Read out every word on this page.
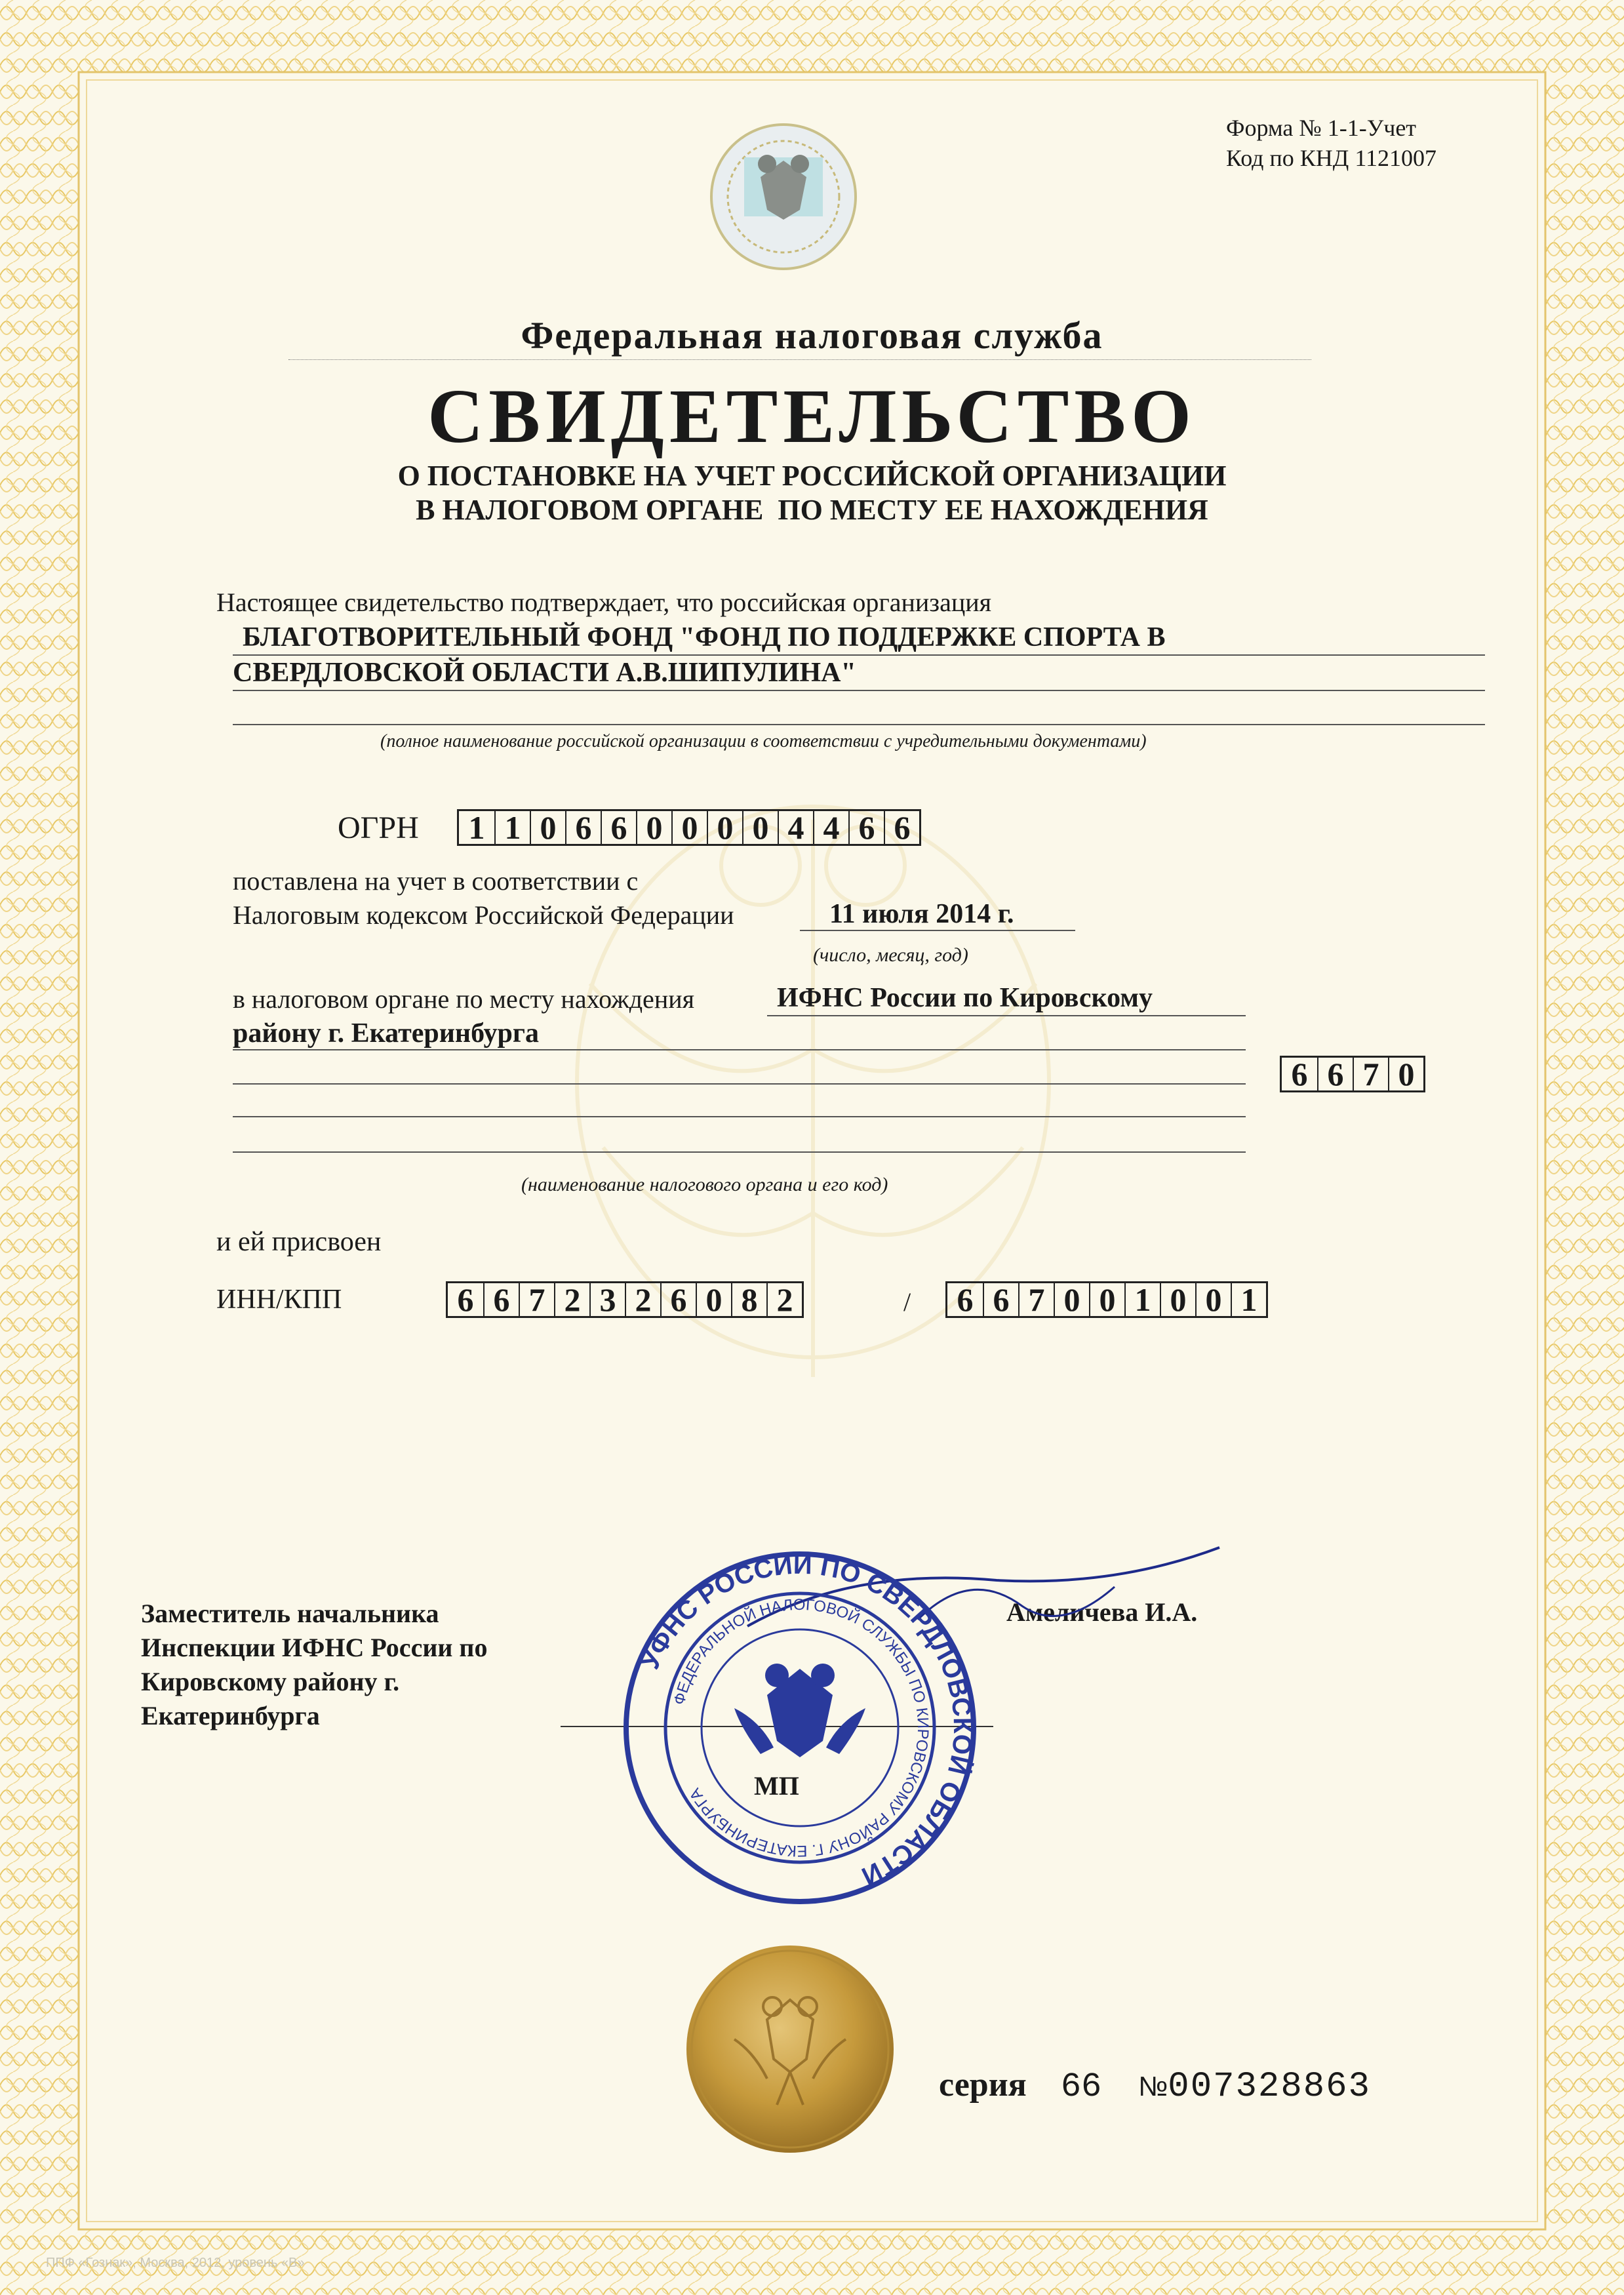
Форма № 1-1-Учет
Код по КНД 1121007
Федеральная налоговая служба
СВИДЕТЕЛЬСТВО
О ПОСТАНОВКЕ НА УЧЕТ РОССИЙСКОЙ ОРГАНИЗАЦИИ
В НАЛОГОВОМ ОРГАНЕ  ПО МЕСТУ ЕЕ НАХОЖДЕНИЯ
Настоящее свидетельство подтверждает, что российская организация
БЛАГОТВОРИТЕЛЬНЫЙ ФОНД "ФОНД ПО ПОДДЕРЖКЕ СПОРТА В
СВЕРДЛОВСКОЙ ОБЛАСТИ А.В.ШИПУЛИНА"
(полное наименование российской организации в соответствии с учредительными документами)
ОГРН 1 1 0 6 6 0 0 0 0 4 4 6 6
поставлена на учет в соответствии с
Налоговым кодексом Российской Федерации	11 июля 2014 г.
(число, месяц, год)
в налоговом органе по месту нахождения	ИФНС России по Кировскому
району г. Екатеринбурга
6 6 7 0
(наименование налогового органа и его код)
и ей присвоен
ИНН/КПП	6 6 7 2 3 2 6 0 8 2	/ 6 6 7 0 0 1 0 0 1
Заместитель начальника
Инспекции ИФНС России по
Кировскому району г.
Екатеринбурга
Амеличева И.А.
УФНС РОССИИ ПО СВЕРДЛОВСКОЙ ОБЛАСТИ
ФЕДЕРАЛЬНОЙ НАЛОГОВОЙ СЛУЖБЫ ПО КИРОВСКОМУ РАЙОНУ Г. ЕКАТЕРИНБУРГА	МП
серия 66 № 007328863
ППФ «Гознак», Москва, 2012, уровень «В»
